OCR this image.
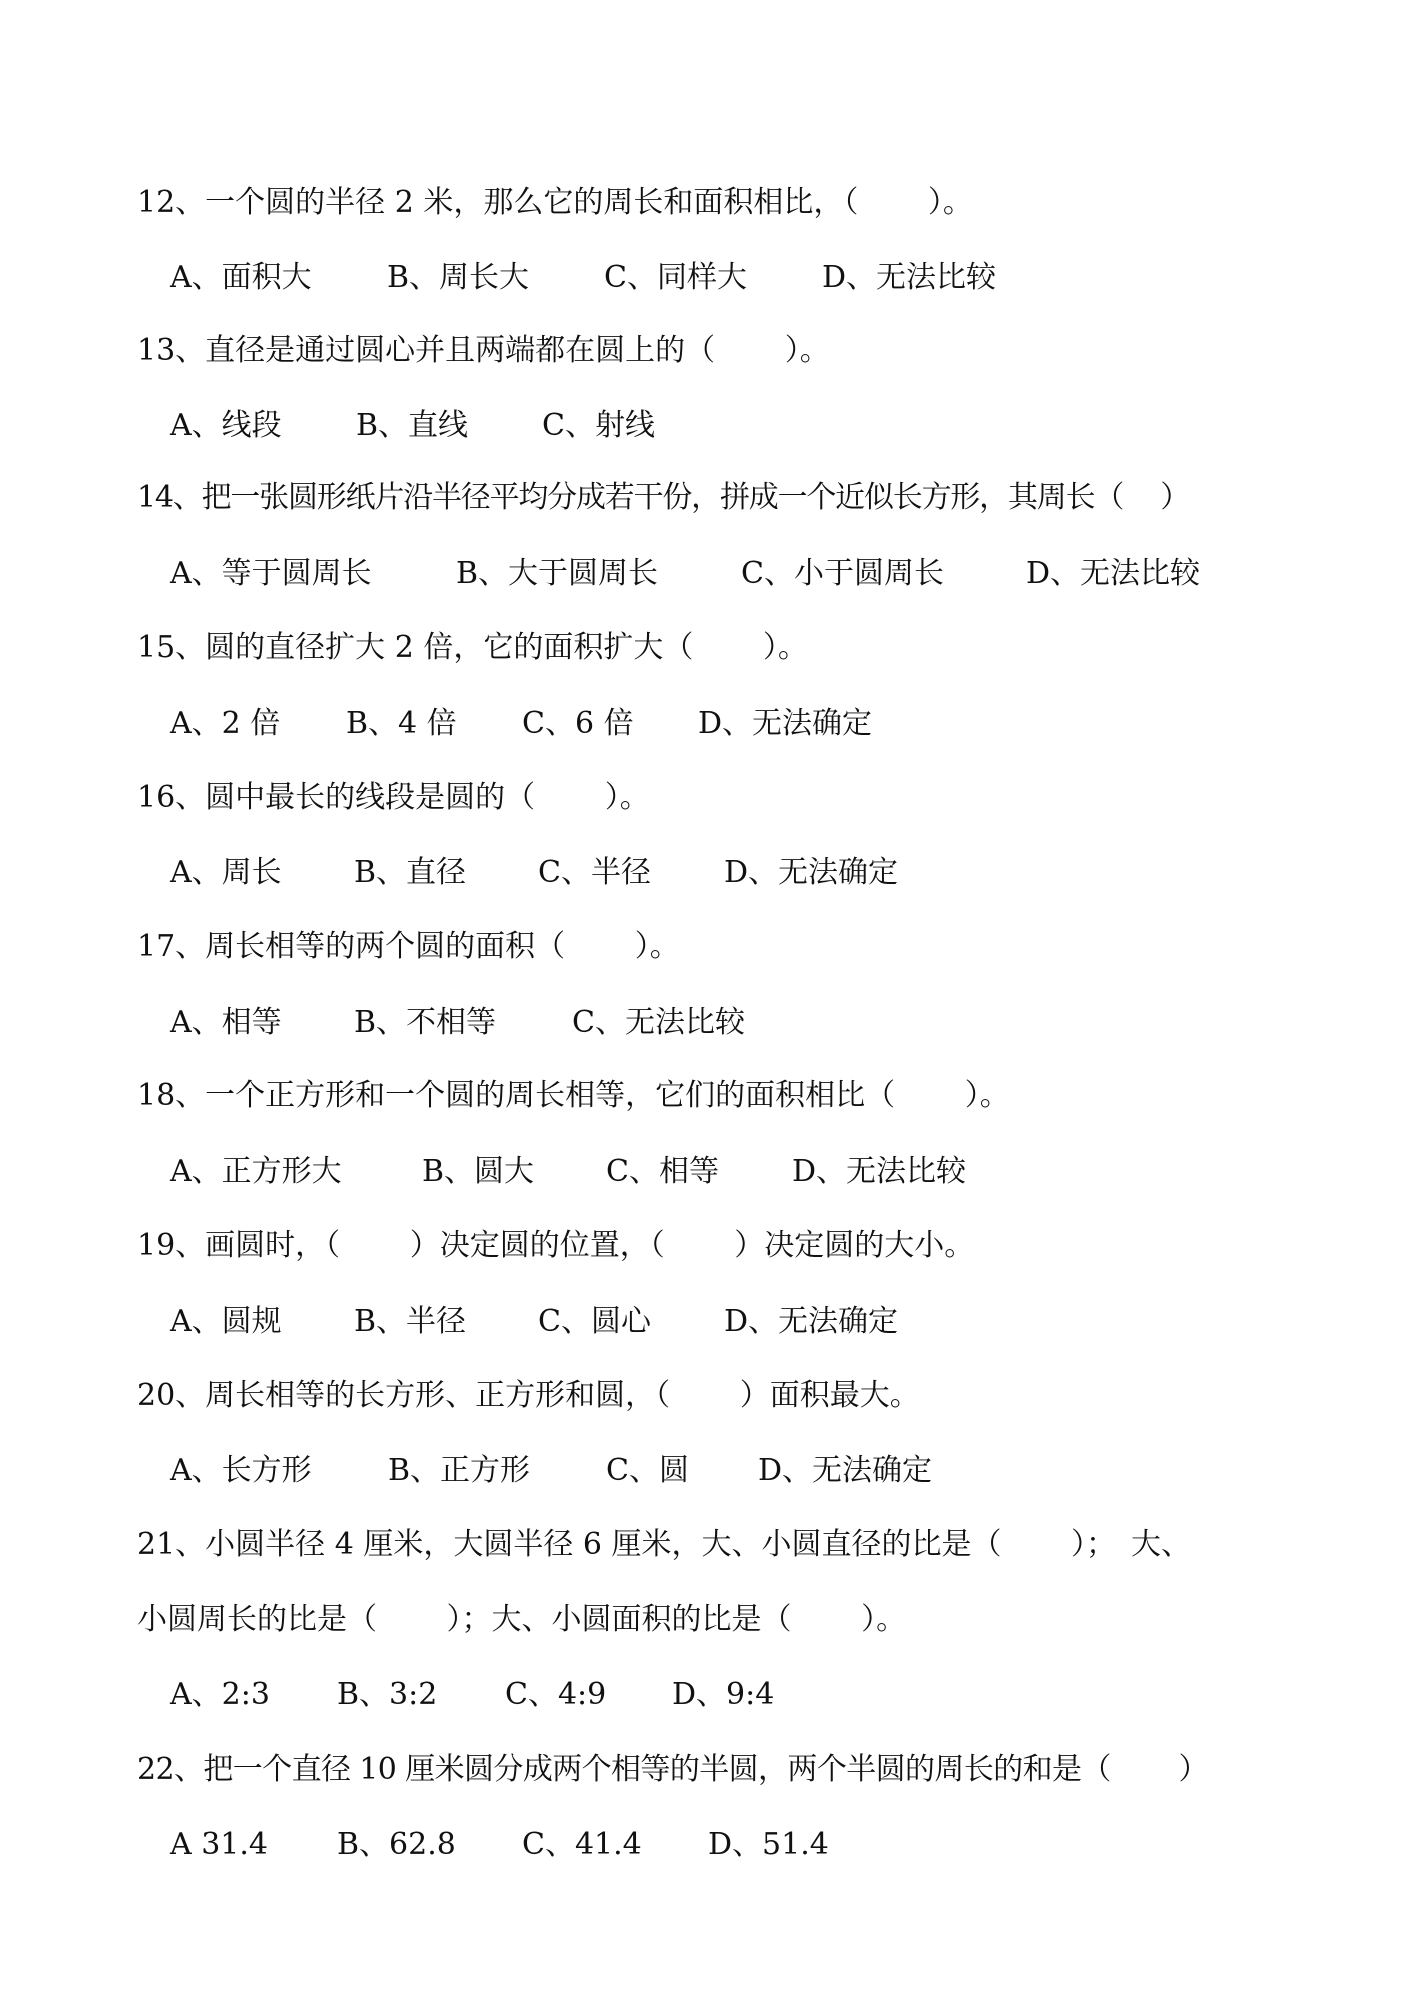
12、一个圆的半径 2 米，那么它的周长和面积相比，（　　 ）。
A、面积大	B、周长大 C、同样大	D、无法比较
13、直径是通过圆心并且两端都在圆上的（　　 ）。
A、线段 B、直线 C、射线
14、把一张圆形纸片沿半径平均分成若干份，拼成一个近似长方形，其周长（　 ）
A、等于圆周长	B、大于圆周长	C、小于圆周长	D、无法比较
15、圆的直径扩大 2 倍，它的面积扩大（　　 ）。
A、2 倍 B、4 倍 C、6 倍 D、无法确定
16、圆中最长的线段是圆的（　　 ）。
A、周长 B、直径 C、半径 D、无法确定
17、周长相等的两个圆的面积（　　 ）。
A、相等 B、不相等	C、无法比较
18、一个正方形和一个圆的周长相等，它们的面积相比（　　 ）。
A、正方形大	B、圆大 C、相等 D、无法比较
19、画圆时，（　　 ）决定圆的位置，（　　 ）决定圆的大小。
A、圆规 B、半径 C、圆心 D、无法确定
20、周长相等的长方形、正方形和圆，（　　 ）面积最大。
A、长方形	B、正方形	C、圆 D、无法确定
21、小圆半径 4 厘米，大圆半径 6 厘米，大、小圆直径的比是（　　 ）；　大、
小圆周长的比是（　　 ）；大、小圆面积的比是（　　 ）。
A、2:3 B、3:2 C、4:9 D、9:4
22、把一个直径 10 厘米圆分成两个相等的半圆，两个半圆的周长的和是（　　 ）
A 31.4 B、62.8 C、41.4 D、51.4
